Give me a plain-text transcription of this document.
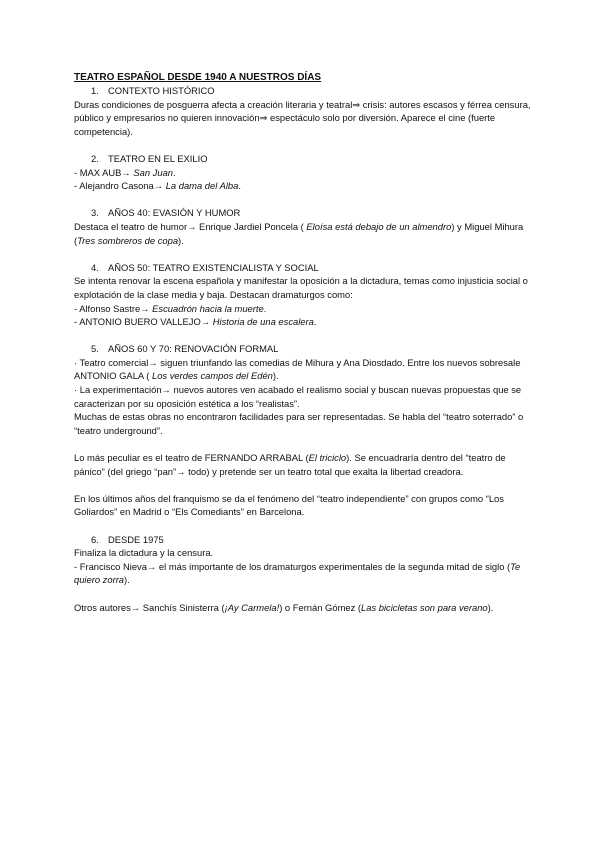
TEATRO ESPAÑOL DESDE 1940 A NUESTROS DÍAS
1. CONTEXTO HISTÓRICO

Duras condiciones de posguerra afecta a creación literaria y teatral⇒ crisis: autores escasos y férrea censura, público y empresarios no quieren innovación⇒ espectáculo solo por diversión. Aparece el cine (fuerte competencia).

2. TEATRO EN EL EXILIO

- MAX AUB→ San Juan.

- Alejandro Casona→ La dama del Alba.

3. AÑOS 40: EVASIÓN Y HUMOR

Destaca el teatro de humor→ Enrique Jardiel Poncela ( Eloísa está debajo de un almendro) y Miguel Mihura (Tres sombreros de copa).

4. AÑOS 50: TEATRO EXISTENCIALISTA Y SOCIAL

Se intenta renovar la escena española y manifestar la oposición a la dictadura, temas como injusticia social o explotación de la clase media y baja. Destacan dramaturgos como:

- Alfonso Sastre→ Escuadrón hacia la muerte.

- ANTONIO BUERO VALLEJO→ Historia de una escalera.

5. AÑOS 60 Y 70: RENOVACIÓN FORMAL

· Teatro comercial→ siguen triunfando las comedias de Mihura y Ana Diosdado. Entre los nuevos sobresale ANTONIO GALA ( Los verdes campos del Edén).

· La experimentación→ nuevos autores ven acabado el realismo social y buscan nuevas propuestas que se caracterizan por su oposición estética a los “realistas”.

Muchas de estas obras no encontraron facilidades para ser representadas. Se habla del “teatro soterrado” o “teatro underground”.

Lo más peculiar es el teatro de FERNANDO ARRABAL (El triciclo). Se encuadraría dentro del “teatro de pánico” (del griego “pan”→ todo) y pretende ser un teatro total que exalta la libertad creadora.

En los últimos años del franquismo se da el fenómeno del “teatro independiente” con grupos como “Los Goliardos” en Madrid o “Els Comediants” en Barcelona.

6. DESDE 1975

Finaliza la dictadura y la censura.

- Francisco Nieva→ el más importante de los dramaturgos experimentales de la segunda mitad de siglo (Te quiero zorra).

Otros autores→ Sanchís Sinisterra (¡Ay Carmela!) o Fernán Gómez (Las bicicletas son para verano).
